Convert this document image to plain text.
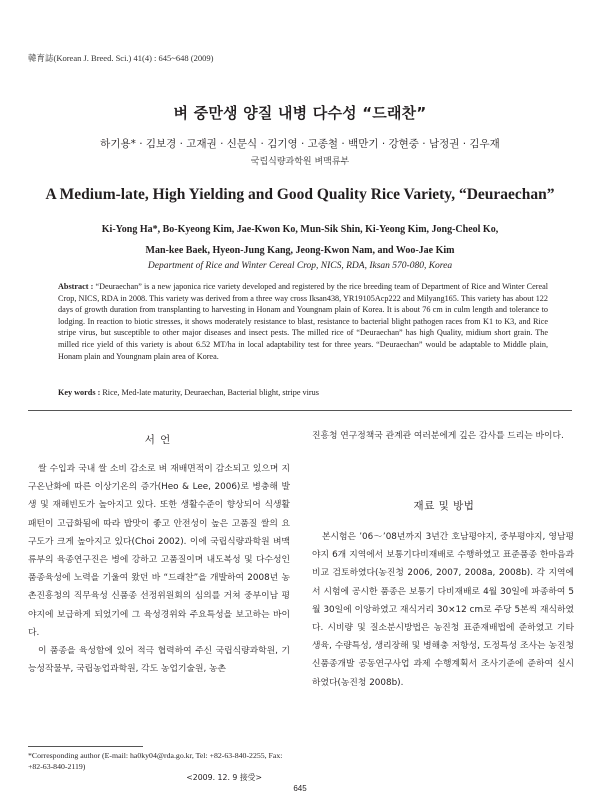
韓育誌(Korean J. Breed. Sci.) 41(4) : 645~648 (2009)
벼 중만생 양질 내병 다수성 “드래찬”
하기용* · 김보경 · 고재권 · 신문식 · 김기영 · 고종철 · 백만기 · 강현중 · 남정권 · 김우재
국립식량과학원 벼맥류부
A Medium-late, High Yielding and Good Quality Rice Variety, “Deuraechan”
Ki-Yong Ha*, Bo-Kyeong Kim, Jae-Kwon Ko, Mun-Sik Shin, Ki-Yeong Kim, Jong-Cheol Ko,
Man-kee Baek, Hyeon-Jung Kang, Jeong-Kwon Nam, and Woo-Jae Kim
Department of Rice and Winter Cereal Crop, NICS, RDA, Iksan 570-080, Korea
Abstract : “Deuraechan” is a new japonica rice variety developed and registered by the rice breeding team of Department of Rice and Winter Cereal Crop, NICS, RDA in 2008. This variety was derived from a three way cross Iksan438, YR19105Acp222 and Milyang165. This variety has about 122 days of growth duration from transplanting to harvesting in Honam and Youngnam plain of Korea. It is about 76 cm in culm length and tolerance to lodging. In reaction to biotic stresses, it shows moderately resistance to blast, resistance to bacterial blight pathogen races from K1 to K3, and Rice stripe virus, but susceptible to other major diseases and insect pests. The milled rice of “Deuraechan” has high Quality, midium short grain. The milled rice yield of this variety is about 6.52 MT/ha in local adaptability test for three years. “Deuraechan” would be adaptable to Middle plain, Honam plain and Youngnam plain area of Korea.
Key words : Rice, Med-late maturity, Deuraechan, Bacterial blight, stripe virus
서 언

쌀 수입과 국내 쌀 소비 감소로 벼 재배면적이 감소되고 있으며 지구온난화에 따른 이상기온의 증가(Heo & Lee, 2006)로 병충해 발생 및 재해빈도가 높아지고 있다. 또한 생활수준이 향상되어 식생활 패턴이 고급화됨에 따라 밥맛이 좋고 안전성이 높은 고품질 쌀의 요구도가 크게 높아지고 있다(Choi 2002). 이에 국립식량과학원 벼맥류부의 육종연구진은 병에 강하고 고품질이며 내도복성 및 다수성인 품종육성에 노력을 기울여 왔던 바 “드래찬”을 개발하여 2008년 농촌진흥청의 직무육성 신품종 선정위원회의 심의를 거쳐 중부이남 평야지에 보급하게 되었기에 그 육성경위와 주요특성을 보고하는 바이다.

이 품종을 육성함에 있어 적극 협력하여 주신 국립식량과학원, 기능성작물부, 국립농업과학원, 각도 농업기술원, 농촌

진흥청 연구정책국 관계관 여러분에게 깊은 감사를 드리는 바이다.

재료 및 방법

본시험은 ’06～’08년까지 3년간 호남평야지, 중부평야지, 영남평야지 6개 지역에서 보통기다비재배로 수행하였고 표준품종 한마음과 비교 검토하였다(농진청 2006, 2007, 2008a, 2008b). 각 지역에서 시험에 공시한 품종은 보통기 다비재배로 4월 30일에 파종하여 5월 30일에 이앙하였고 재식거리 30×12 cm로 주당 5본씩 재식하였다. 시비량 및 질소분시방법은 농진청 표준재배법에 준하였고 기타 생육, 수량특성, 생리장해 및 병해충 저항성, 도정특성 조사는 농진청 신품종개발 공동연구사업 과제 수행계획서 조사기준에 준하여 실시하였다(농진청 2008b).

*Corresponding author (E-mail: ha0ky04@rda.go.kr, Tel: +82-63-840-2255, Fax: +82-63-840-2119)
<2009. 12. 9 接受>
645
